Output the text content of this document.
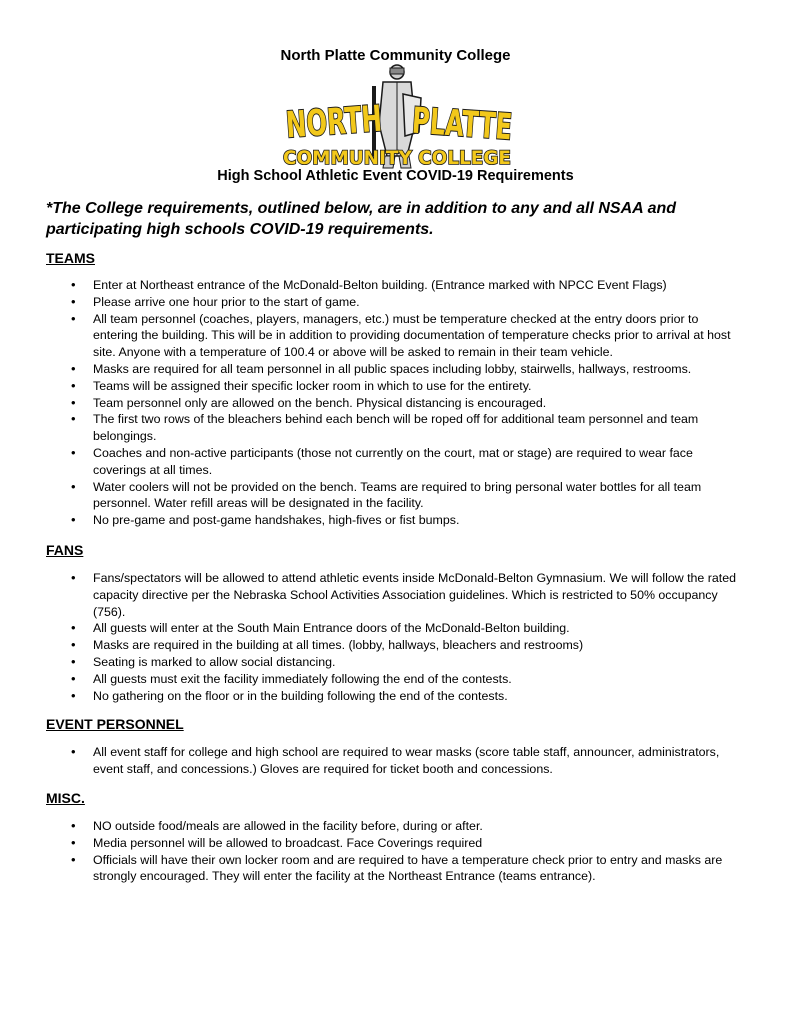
North Platte Community College
NORTH
PLATTE
COMMUNITY COLLEGE
High School Athletic Event COVID-19 Requirements
*The College requirements, outlined below, are in addition to any and all NSAA and participating high schools COVID-19 requirements.
TEAMS
• Enter at Northeast entrance of the McDonald-Belton building. (Entrance marked with NPCC Event Flags)
• Please arrive one hour prior to the start of game.
• All team personnel (coaches, players, managers, etc.) must be temperature checked at the entry doors prior to entering the building. This will be in addition to providing documentation of temperature checks prior to arrival at host site. Anyone with a temperature of 100.4 or above will be asked to remain in their team vehicle.
• Masks are required for all team personnel in all public spaces including lobby, stairwells, hallways, restrooms.
• Teams will be assigned their specific locker room in which to use for the entirety.
• Team personnel only are allowed on the bench. Physical distancing is encouraged.
• The first two rows of the bleachers behind each bench will be roped off for additional team personnel and team belongings.
• Coaches and non-active participants (those not currently on the court, mat or stage) are required to wear face coverings at all times.
• Water coolers will not be provided on the bench. Teams are required to bring personal water bottles for all team personnel. Water refill areas will be designated in the facility.
• No pre-game and post-game handshakes, high-fives or fist bumps.
FANS
• Fans/spectators will be allowed to attend athletic events inside McDonald-Belton Gymnasium. We will follow the rated capacity directive per the Nebraska School Activities Association guidelines. Which is restricted to 50% occupancy (756).
• All guests will enter at the South Main Entrance doors of the McDonald-Belton building.
• Masks are required in the building at all times. (lobby, hallways, bleachers and restrooms)
• Seating is marked to allow social distancing.
• All guests must exit the facility immediately following the end of the contests.
• No gathering on the floor or in the building following the end of the contests.
EVENT PERSONNEL
• All event staff for college and high school are required to wear masks (score table staff, announcer, administrators, event staff, and concessions.) Gloves are required for ticket booth and concessions.
MISC.
• NO outside food/meals are allowed in the facility before, during or after.
• Media personnel will be allowed to broadcast. Face Coverings required
• Officials will have their own locker room and are required to have a temperature check prior to entry and masks are strongly encouraged. They will enter the facility at the Northeast Entrance (teams entrance).
